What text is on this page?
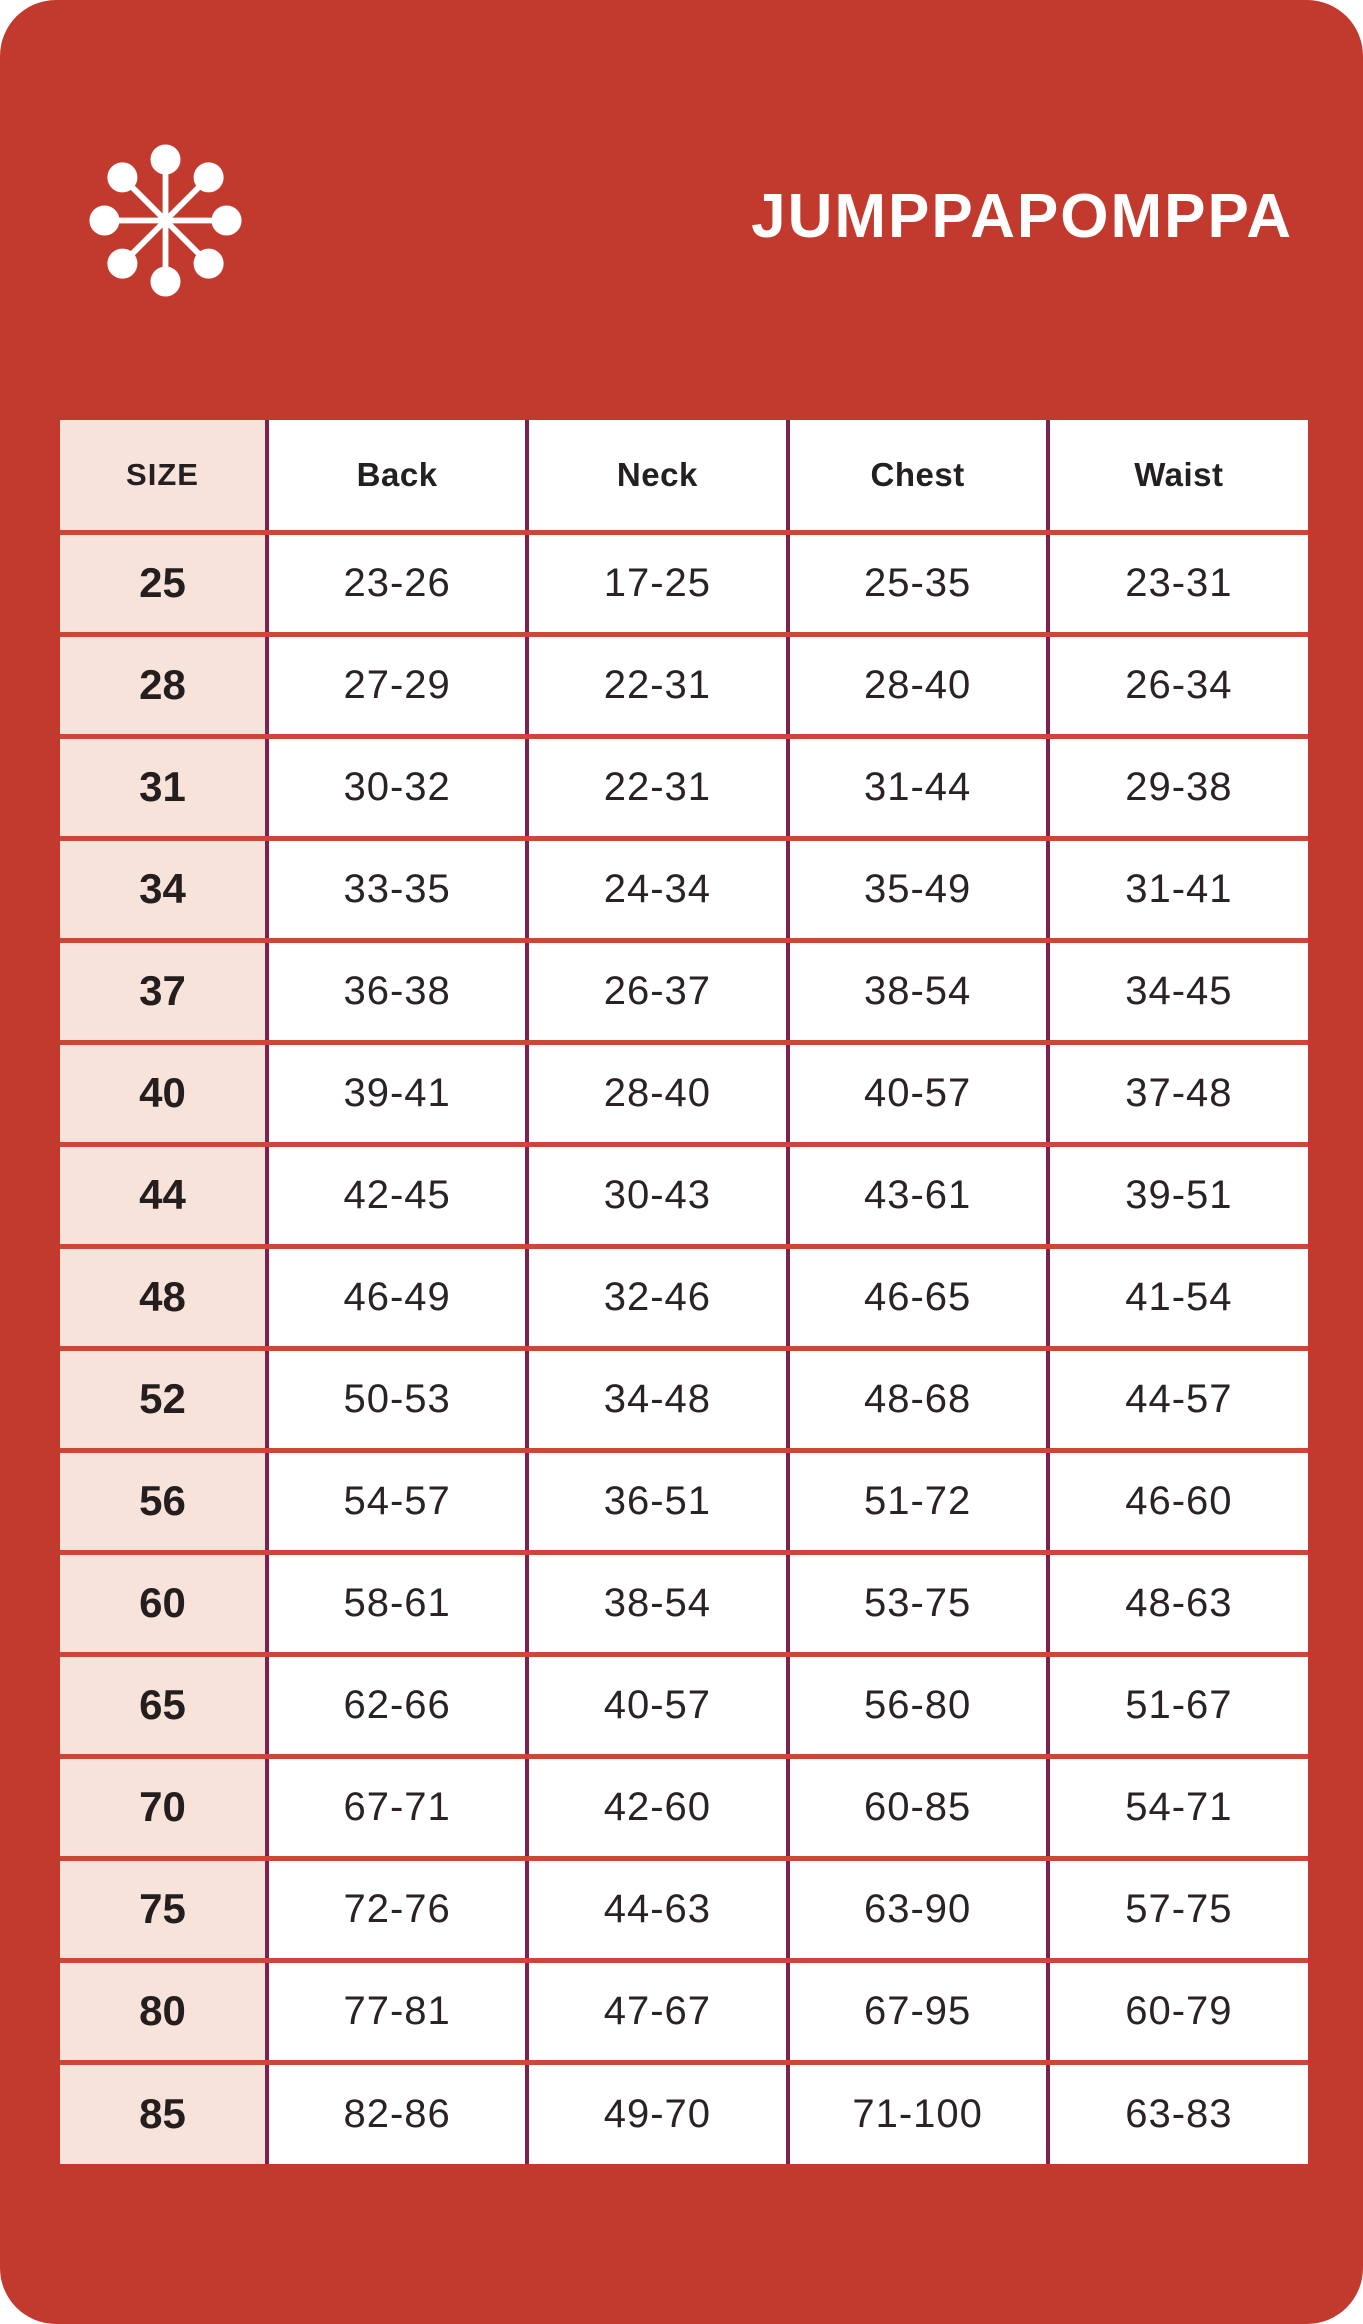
JUMPPAPOMPPA
SIZE	Back	Neck	Chest	Waist
25	23-26	17-25	25-35	23-31
28	27-29	22-31	28-40	26-34
31	30-32	22-31	31-44	29-38
34	33-35	24-34	35-49	31-41
37	36-38	26-37	38-54	34-45
40	39-41	28-40	40-57	37-48
44	42-45	30-43	43-61	39-51
48	46-49	32-46	46-65	41-54
52	50-53	34-48	48-68	44-57
56	54-57	36-51	51-72	46-60
60	58-61	38-54	53-75	48-63
65	62-66	40-57	56-80	51-67
70	67-71	42-60	60-85	54-71
75	72-76	44-63	63-90	57-75
80	77-81	47-67	67-95	60-79
85	82-86	49-70	71-100	63-83
